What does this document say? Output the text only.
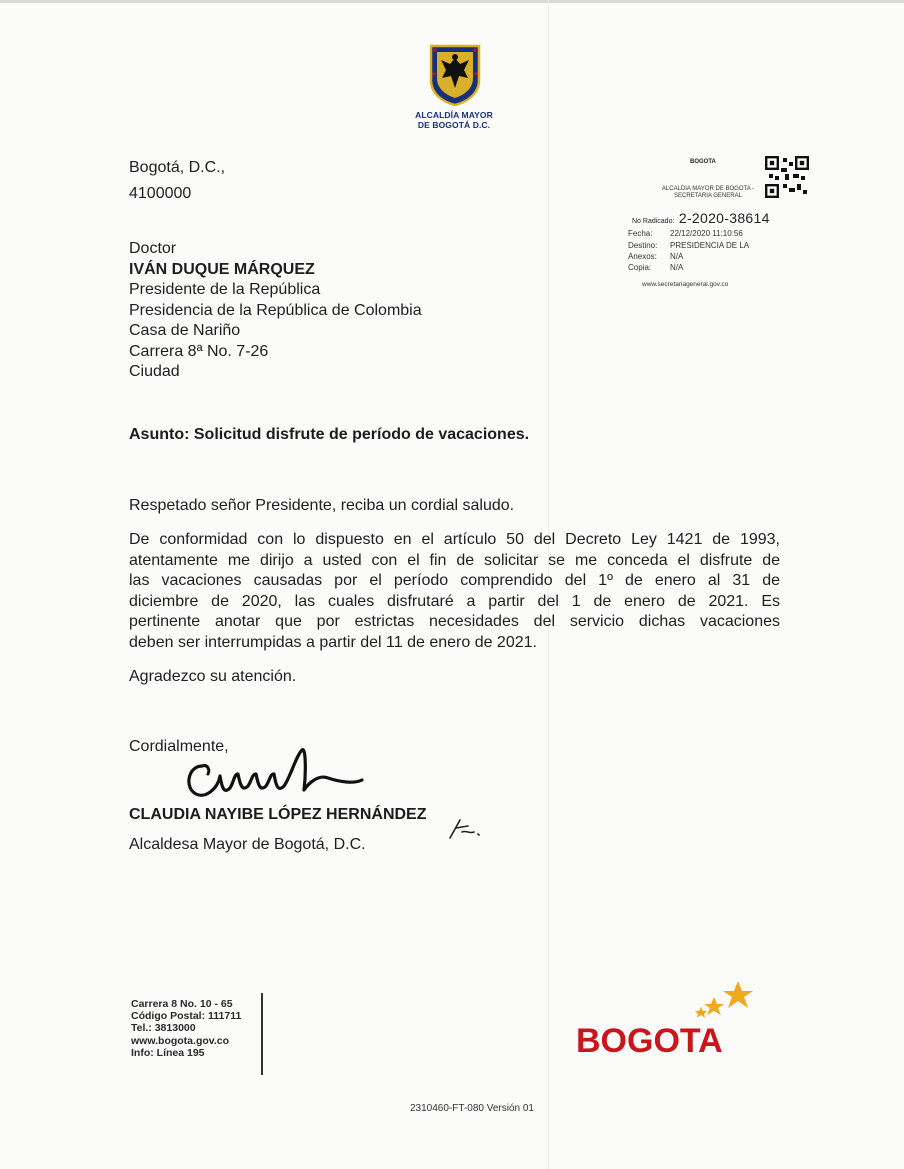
ALCALDÍA MAYOR
DE BOGOTÁ D.C.
Bogotá, D.C.,
4100000
Doctor
IVÁN DUQUE MÁRQUEZ
Presidente de la República
Presidencia de la República de Colombia
Casa de Nariño
Carrera 8ª No. 7-26
Ciudad
BOGOTA
ALCALDIA MAYOR DE BOGOTA -
SECRETARIA GENERAL
No Radicado: 2-2020-38614
Fecha: 22/12/2020 11:10:56
Destino: PRESIDENCIA DE LA
Anexos: N/A
Copia: N/A
www.secretariageneral.gov.co
Asunto: Solicitud disfrute de período de vacaciones.
Respetado señor Presidente, reciba un cordial saludo.
De conformidad con lo dispuesto en el artículo 50 del Decreto Ley 1421 de 1993,
atentamente me dirijo a usted con el fin de solicitar se me conceda el disfrute de
las vacaciones causadas por el período comprendido del 1º de enero al 31 de
diciembre de 2020, las cuales disfrutaré a partir del 1 de enero de 2021. Es
pertinente anotar que por estrictas necesidades del servicio dichas vacaciones
deben ser interrumpidas a partir del 11 de enero de 2021.
Agradezco su atención.
Cordialmente,
CLAUDIA NAYIBE LÓPEZ HERNÁNDEZ
Alcaldesa Mayor de Bogotá, D.C.
Carrera 8 No. 10 - 65
Código Postal: 111711
Tel.: 3813000
www.bogota.gov.co
Info: Línea 195	BOGOTA
2310460-FT-080 Versión 01
